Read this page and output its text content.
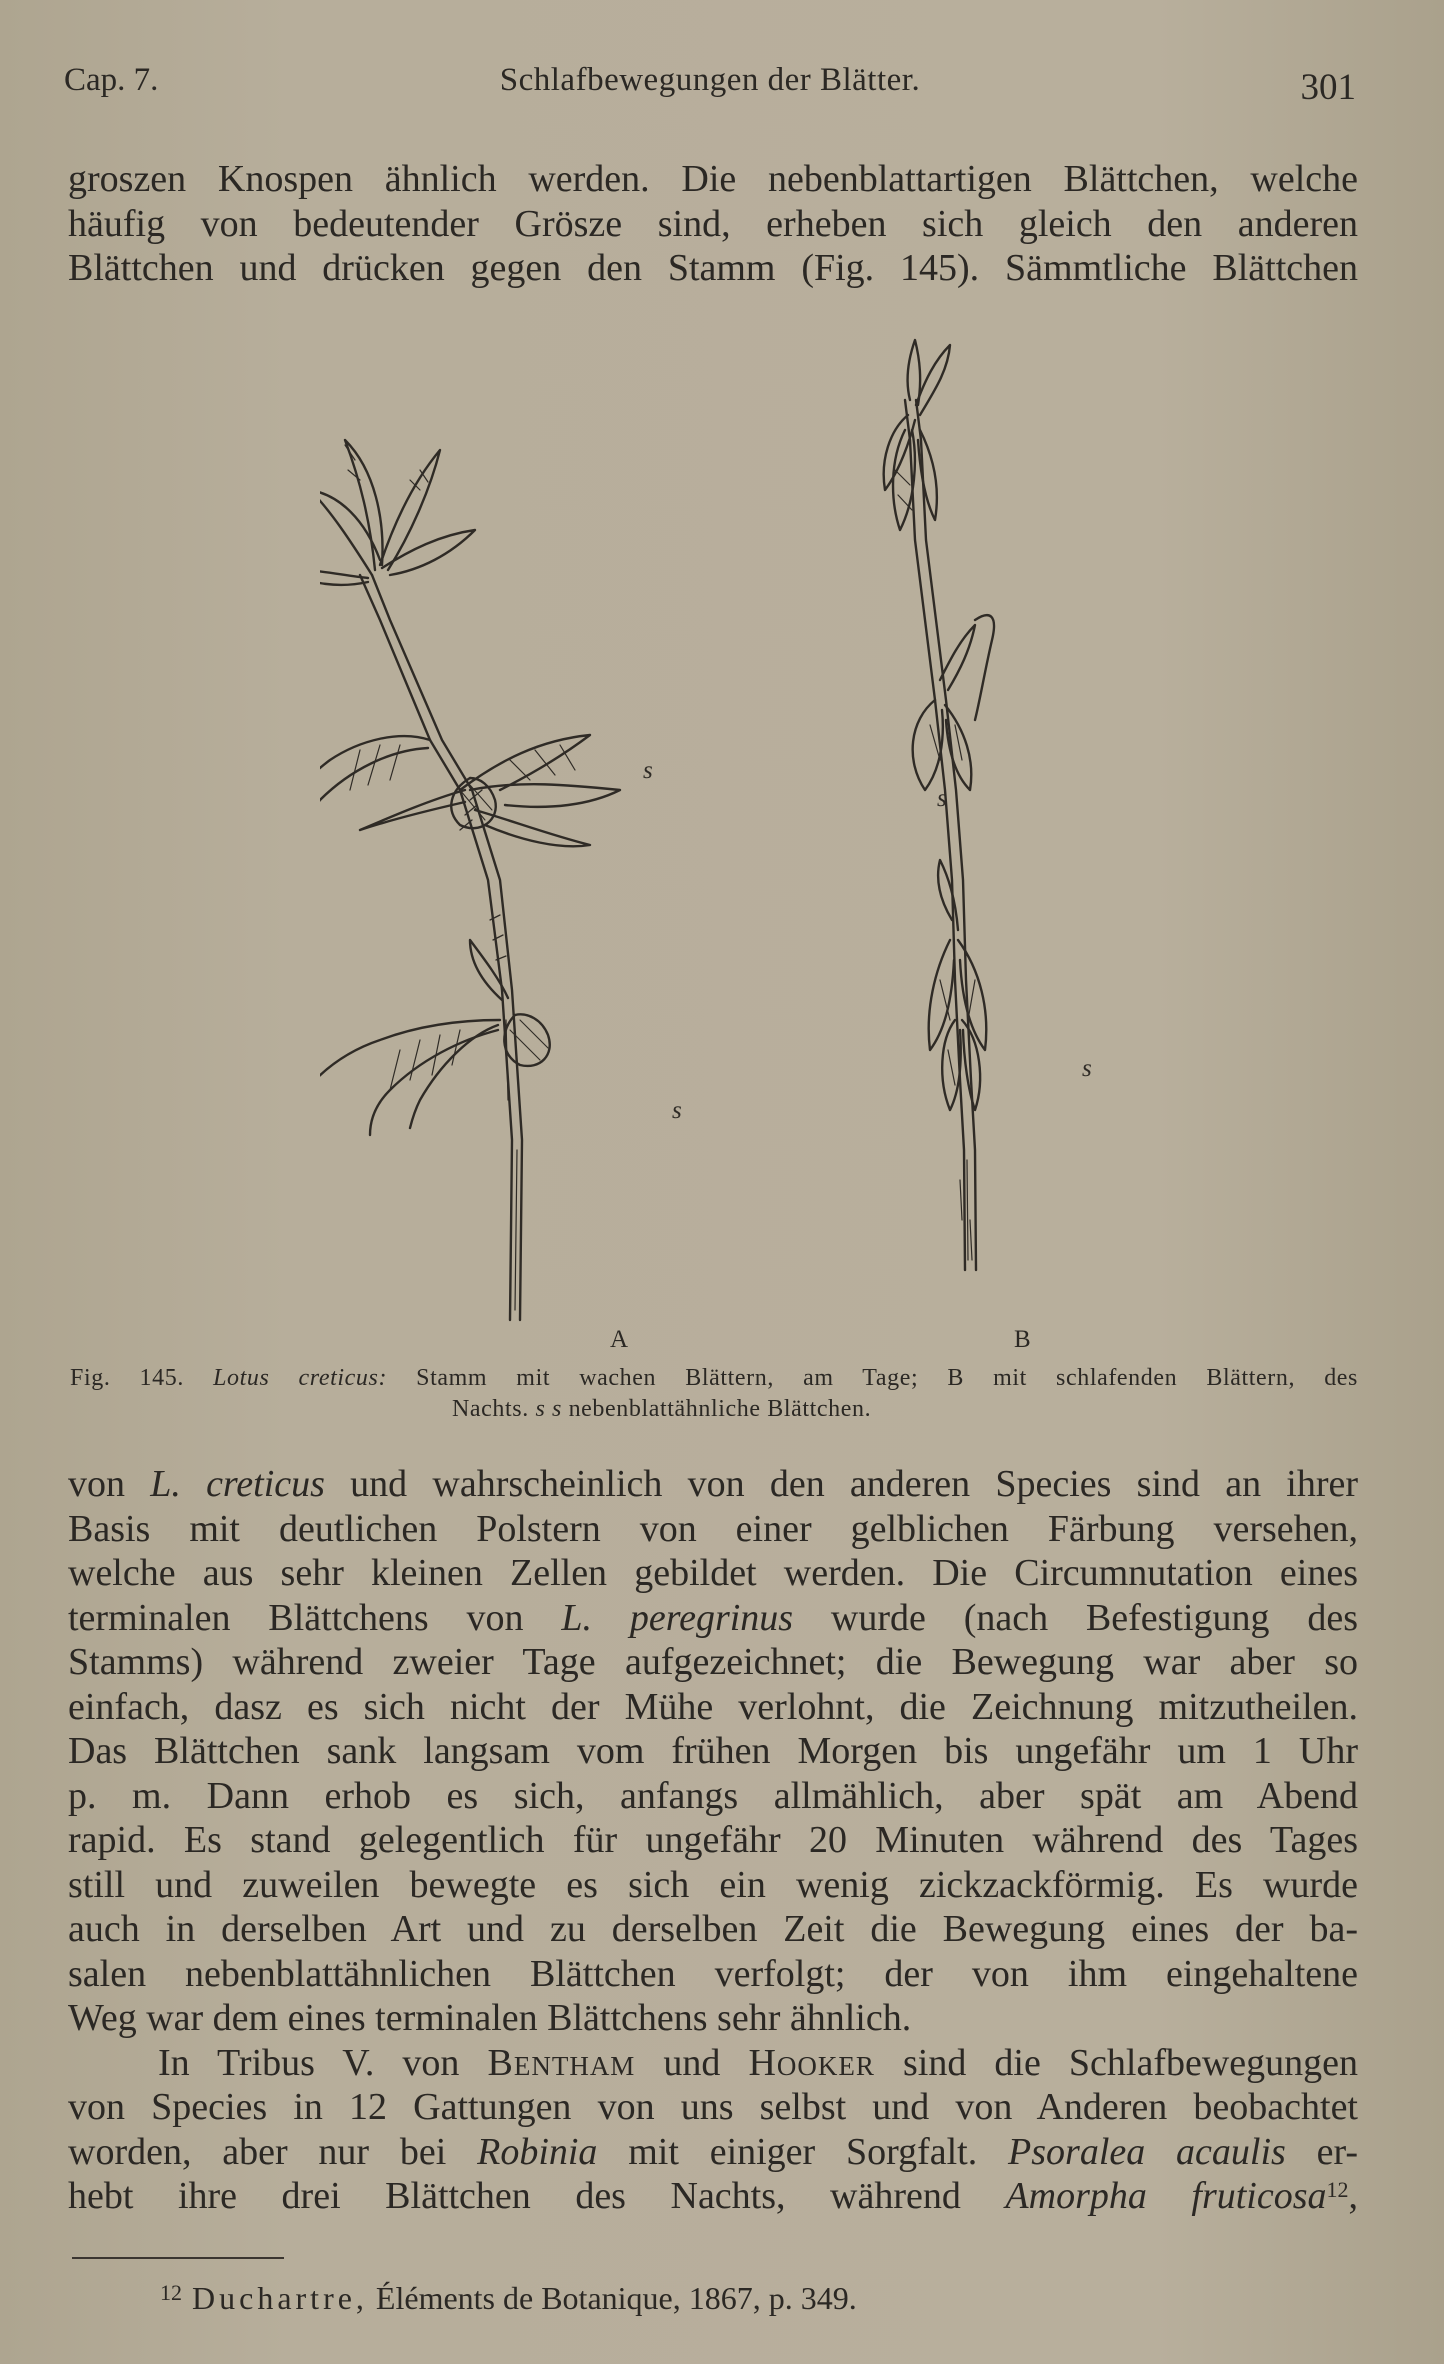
Cap. 7.	Schlafbewegungen der Blätter.	301
groszen Knospen ähnlich werden. Die nebenblattartigen Blättchen, welche
häufig von bedeutender Grösze sind, erheben sich gleich den anderen
Blättchen und drücken gegen den Stamm (Fig. 145). Sämmtliche Blättchen
s
s
s
s
A	B
Fig. 145. Lotus creticus: Stamm mit wachen Blättern, am Tage; B mit schlafenden Blättern, des
Nachts. s s nebenblattähnliche Blättchen.
von L. creticus und wahrscheinlich von den anderen Species sind an ihrer
Basis mit deutlichen Polstern von einer gelblichen Färbung versehen,
welche aus sehr kleinen Zellen gebildet werden. Die Circumnutation eines
terminalen Blättchens von L. peregrinus wurde (nach Befestigung des
Stamms) während zweier Tage aufgezeichnet; die Bewegung war aber so
einfach, dasz es sich nicht der Mühe verlohnt, die Zeichnung mitzutheilen.
Das Blättchen sank langsam vom frühen Morgen bis ungefähr um 1 Uhr
p. m. Dann erhob es sich, anfangs allmählich, aber spät am Abend
rapid. Es stand gelegentlich für ungefähr 20 Minuten während des Tages
still und zuweilen bewegte es sich ein wenig zickzackförmig. Es wurde
auch in derselben Art und zu derselben Zeit die Bewegung eines der ba-
salen nebenblattähnlichen Blättchen verfolgt; der von ihm eingehaltene
Weg war dem eines terminalen Blättchens sehr ähnlich.
In Tribus V. von Bentham und Hooker sind die Schlafbewegungen
von Species in 12 Gattungen von uns selbst und von Anderen beobachtet
worden, aber nur bei Robinia mit einiger Sorgfalt. Psoralea acaulis er-
hebt ihre drei Blättchen des Nachts, während Amorpha fruticosa$^{12}$,
$^{12}$ Duchartre, Éléments de Botanique, 1867, p. 349.
